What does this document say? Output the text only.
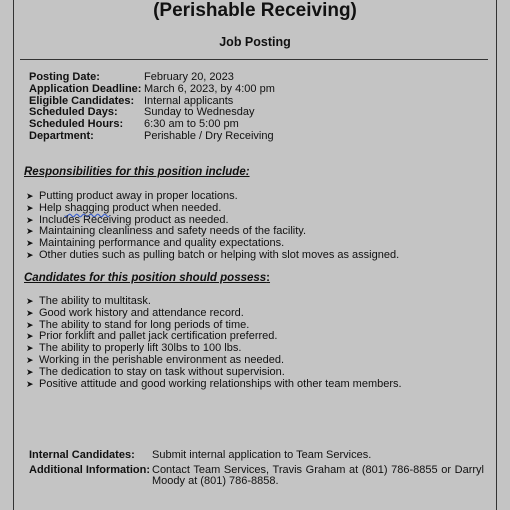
(Perishable Receiving)
Job Posting
Posting Date:	February 20, 2023
Application Deadline: March 6, 2023, by 4:00 pm
Eligible Candidates: Internal applicants
Scheduled Days:	Sunday to Wednesday
Scheduled Hours:	6:30 am to 5:00 pm
Department:	Perishable / Dry Receiving
Responsibilities for this position include:
➤ Putting product away in proper locations.
➤ Help shagging product when needed.
➤ Includes Receiving product as needed.
➤ Maintaining cleanliness and safety needs of the facility.
➤ Maintaining performance and quality expectations.
➤ Other duties such as pulling batch or helping with slot moves as assigned.
Candidates for this position should possess:
➤ The ability to multitask.
➤ Good work history and attendance record.
➤ The ability to stand for long periods of time.
➤ Prior forklift and pallet jack certification preferred.
➤ The ability to properly lift 30lbs to 100 lbs.
➤ Working in the perishable environment as needed.
➤ The dedication to stay on task without supervision.
➤ Positive attitude and good working relationships with other team members.
Internal Candidates:	Submit internal application to Team Services.
Additional Information: Contact Team Services, Travis Graham at (801) 786-8855 or Darryl Moody at (801) 786-8858.
